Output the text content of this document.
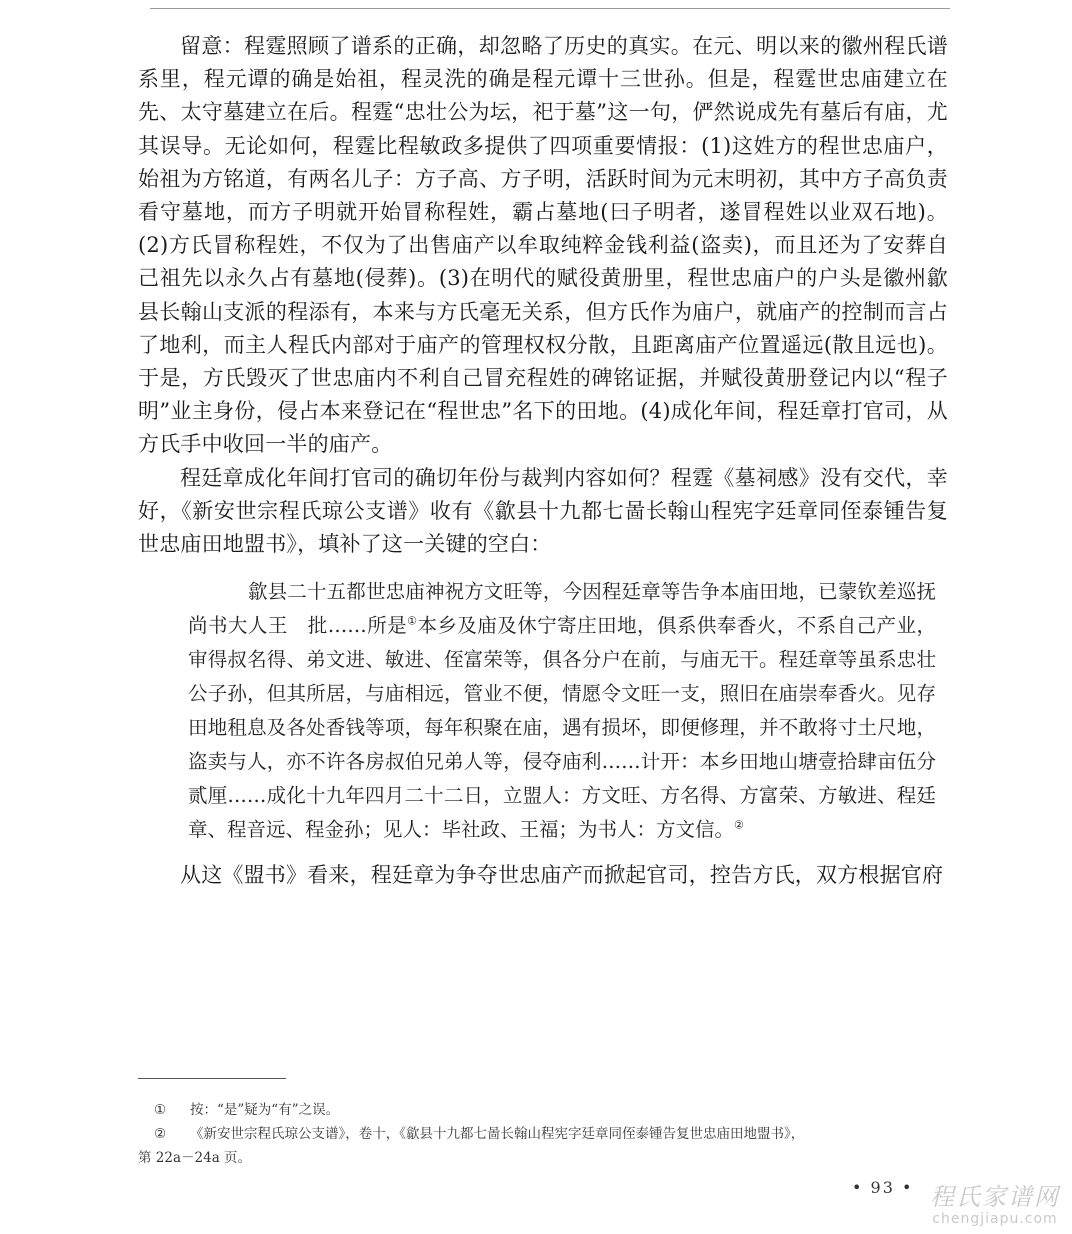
留意：程霆照顾了谱系的正确，却忽略了历史的真实。在元、明以来的徽州程氏谱系里，程元谭的确是始祖，程灵洗的确是程元谭十三世孙。但是，程霆世忠庙建立在先、太守墓建立在后。程霆“忠壮公为坛，祀于墓”这一句，俨然说成先有墓后有庙，尤其误导。无论如何，程霆比程敏政多提供了四项重要情报：(1)这姓方的程世忠庙户，始祖为方铭道，有两名儿子：方子高、方子明，活跃时间为元末明初，其中方子高负责看守墓地，而方子明就开始冒称程姓，霸占墓地(曰子明者，遂冒程姓以业双石地)。(2)方氏冒称程姓，不仅为了出售庙产以牟取纯粹金钱利益(盗卖)，而且还为了安葬自己祖先以永久占有墓地(侵葬)。(3)在明代的赋役黄册里，程世忠庙户的户头是徽州歙县长翰山支派的程添有，本来与方氏毫无关系，但方氏作为庙户，就庙产的控制而言占了地利，而主人程氏内部对于庙产的管理权权分散，且距离庙产位置遥远(散且远也)。于是，方氏毁灭了世忠庙内不利自己冒充程姓的碑铭证据，并赋役黄册登记内以“程子明”业主身份，侵占本来登记在“程世忠”名下的田地。(4)成化年间，程廷章打官司，从方氏手中收回一半的庙产。

程廷章成化年间打官司的确切年份与裁判内容如何？程霆《墓祠感》没有交代，幸好，《新安世宗程氏琼公支谱》收有《歙县十九都七啚长翰山程宪字廷章同侄泰锺告复世忠庙田地盟书》，填补了这一关键的空白：

歙县二十五都世忠庙神祝方文旺等，今因程廷章等告争本庙田地，已蒙钦差巡抚尚书大人王　批……所是①本乡及庙及休宁寄庄田地，俱系供奉香火，不系自己产业，审得叔名得、弟文进、敏进、侄富荣等，俱各分户在前，与庙无干。程廷章等虽系忠壮公子孙，但其所居，与庙相远，管业不便，情愿令文旺一支，照旧在庙崇奉香火。见存田地租息及各处香钱等项，每年积聚在庙，遇有损坏，即便修理，并不敢将寸土尺地，盗卖与人，亦不许各房叔伯兄弟人等，侵夺庙利……计开：本乡田地山塘壹拾肆亩伍分贰厘……成化十九年四月二十二日，立盟人：方文旺、方名得、方富荣、方敏进、程廷章、程音远、程金孙；见人：毕社政、王福；为书人：方文信。②

从这《盟书》看来，程廷章为争夺世忠庙产而掀起官司，控告方氏，双方根据官府

① 按：“是”疑为“有”之误。

② 《新安世宗程氏琼公支谱》，卷十，《歙县十九都七啚长翰山程宪字廷章同侄泰锺告复世忠庙田地盟书》，

第 22a－24a 页。

• 93 • 程氏家谱网
chengjiapu.com
